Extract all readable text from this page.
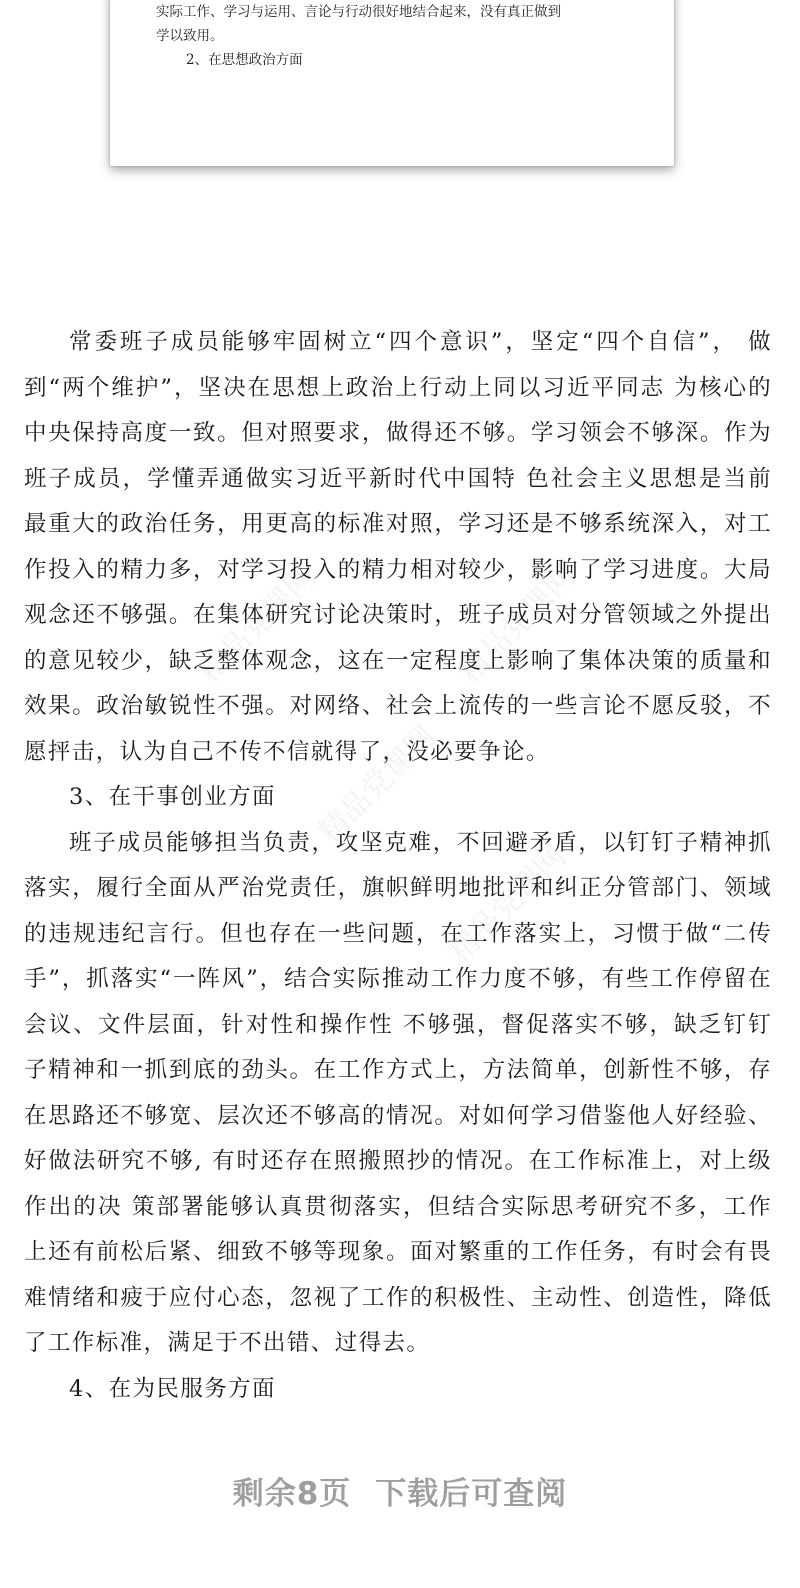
实际工作、学习与运用、言论与行动很好地结合起来，没有真正做到

学以致用。

2、在思想政治方面

精品党课网	精品党课网
精品党课网
精品党课网

常委班子成员能够牢固树立“四个意识”，坚定“四个自信”， 做到“两个维护”，坚决在思想上政治上行动上同以习近平同志 为核心的中央保持高度一致。但对照要求，做得还不够。学习领会不够深。作为班子成员，学懂弄通做实习近平新时代中国特 色社会主义思想是当前最重大的政治任务，用更高的标准对照，学习还是不够系统深入，对工作投入的精力多，对学习投入的精力相对较少，影响了学习进度。大局观念还不够强。在集体研究讨论决策时，班子成员对分管领域之外提出的意见较少，缺乏整体观念，这在一定程度上影响了集体决策的质量和效果。政治敏锐性不强。对网络、社会上流传的一些言论不愿反驳，不愿抨击，认为自己不传不信就得了，没必要争论。

3、在干事创业方面

班子成员能够担当负责，攻坚克难，不回避矛盾，以钉钉子精神抓落实，履行全面从严治党责任，旗帜鲜明地批评和纠正分管部门、领域的违规违纪言行。但也存在一些问题，在工作落实上，习惯于做“二传手”，抓落实“一阵风”，结合实际推动工作力度不够，有些工作停留在会议、文件层面，针对性和操作性 不够强，督促落实不够，缺乏钉钉子精神和一抓到底的劲头。在工作方式上，方法简单，创新性不够，存在思路还不够宽、层次还不够高的情况。对如何学习借鉴他人好经验、好做法研究不够, 有时还存在照搬照抄的情况。在工作标准上，对上级作出的决 策部署能够认真贯彻落实，但结合实际思考研究不多，工作上还有前松后紧、细致不够等现象。面对繁重的工作任务，有时会有畏难情绪和疲于应付心态，忽视了工作的积极性、主动性、创造性，降低了工作标准，满足于不出错、过得去。

4、在为民服务方面

剩余8页 下载后可查阅
